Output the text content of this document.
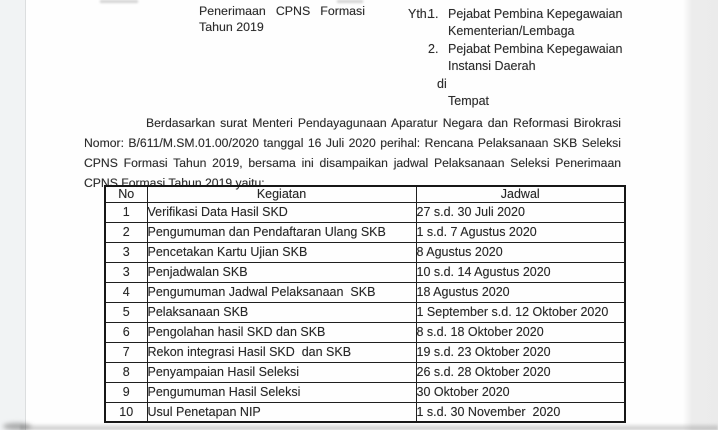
Penerimaan CPNS Formasi
Tahun 2019
Yth.
1. Pejabat Pembina Kepegawaian
Kementerian/Lembaga
2. Pejabat Pembina Kepegawaian
Instansi Daerah
di
Tempat
Berdasarkan surat Menteri Pendayagunaan Aparatur Negara dan Reformasi Birokrasi
Nomor: B/611/M.SM.01.00/2020 tanggal 16 Juli 2020 perihal: Rencana Pelaksanaan SKB Seleksi
CPNS Formasi Tahun 2019, bersama ini disampaikan jadwal Pelaksanaan Seleksi Penerimaan
CPNS Formasi Tahun 2019 yaitu:
No	Kegiatan	Jadwal
1	Verifikasi Data Hasil SKD	27 s.d. 30 Juli 2020
2	Pengumuman dan Pendaftaran Ulang SKB	1 s.d. 7 Agustus 2020
3	Pencetakan Kartu Ujian SKB	8 Agustus 2020
3	Penjadwalan SKB	10 s.d. 14 Agustus 2020
4	Pengumuman Jadwal Pelaksanaan  SKB	18 Agustus 2020
5	Pelaksanaan SKB	1 September s.d. 12 Oktober 2020
6	Pengolahan hasil SKD dan SKB	8 s.d. 18 Oktober 2020
7	Rekon integrasi Hasil SKD  dan SKB	19 s.d. 23 Oktober 2020
8	Penyampaian Hasil Seleksi	26 s.d. 28 Oktober 2020
9	Pengumuman Hasil Seleksi	30 Oktober 2020
10	Usul Penetapan NIP	1 s.d. 30 November  2020
